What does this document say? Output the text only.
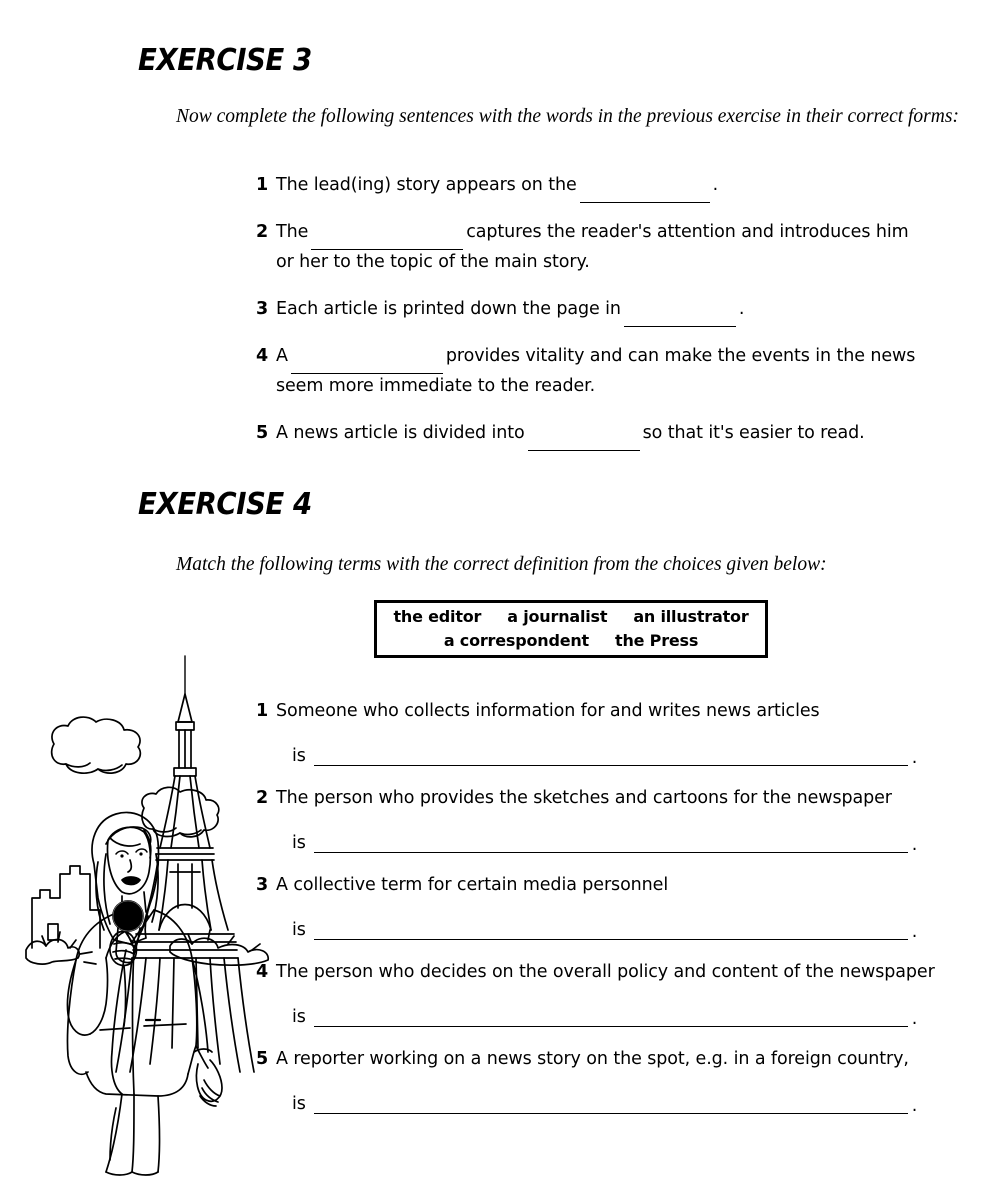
EXERCISE 3
Now complete the following sentences with the words in the previous exercise in their correct forms:
1 The lead(ing) story appears on the	.
2 The	captures the reader's attention and introduces him
or her to the topic of the main story.
3 Each article is printed down the page in	.
4 A	provides vitality and can make the events in the news
seem more immediate to the reader.
5 A news article is divided into	so that it's easier to read.
EXERCISE 4
Match the following terms with the correct definition from the choices given below:
the editor a journalist an illustrator
a correspondent the Press
1 Someone who collects information for and writes news articles
is	.
2 The person who provides the sketches and cartoons for the newspaper
is	.
3 A collective term for certain media personnel
is	.
4 The person who decides on the overall policy and content of the newspaper
is	.
5 A reporter working on a news story on the spot, e.g. in a foreign country,
is	.
